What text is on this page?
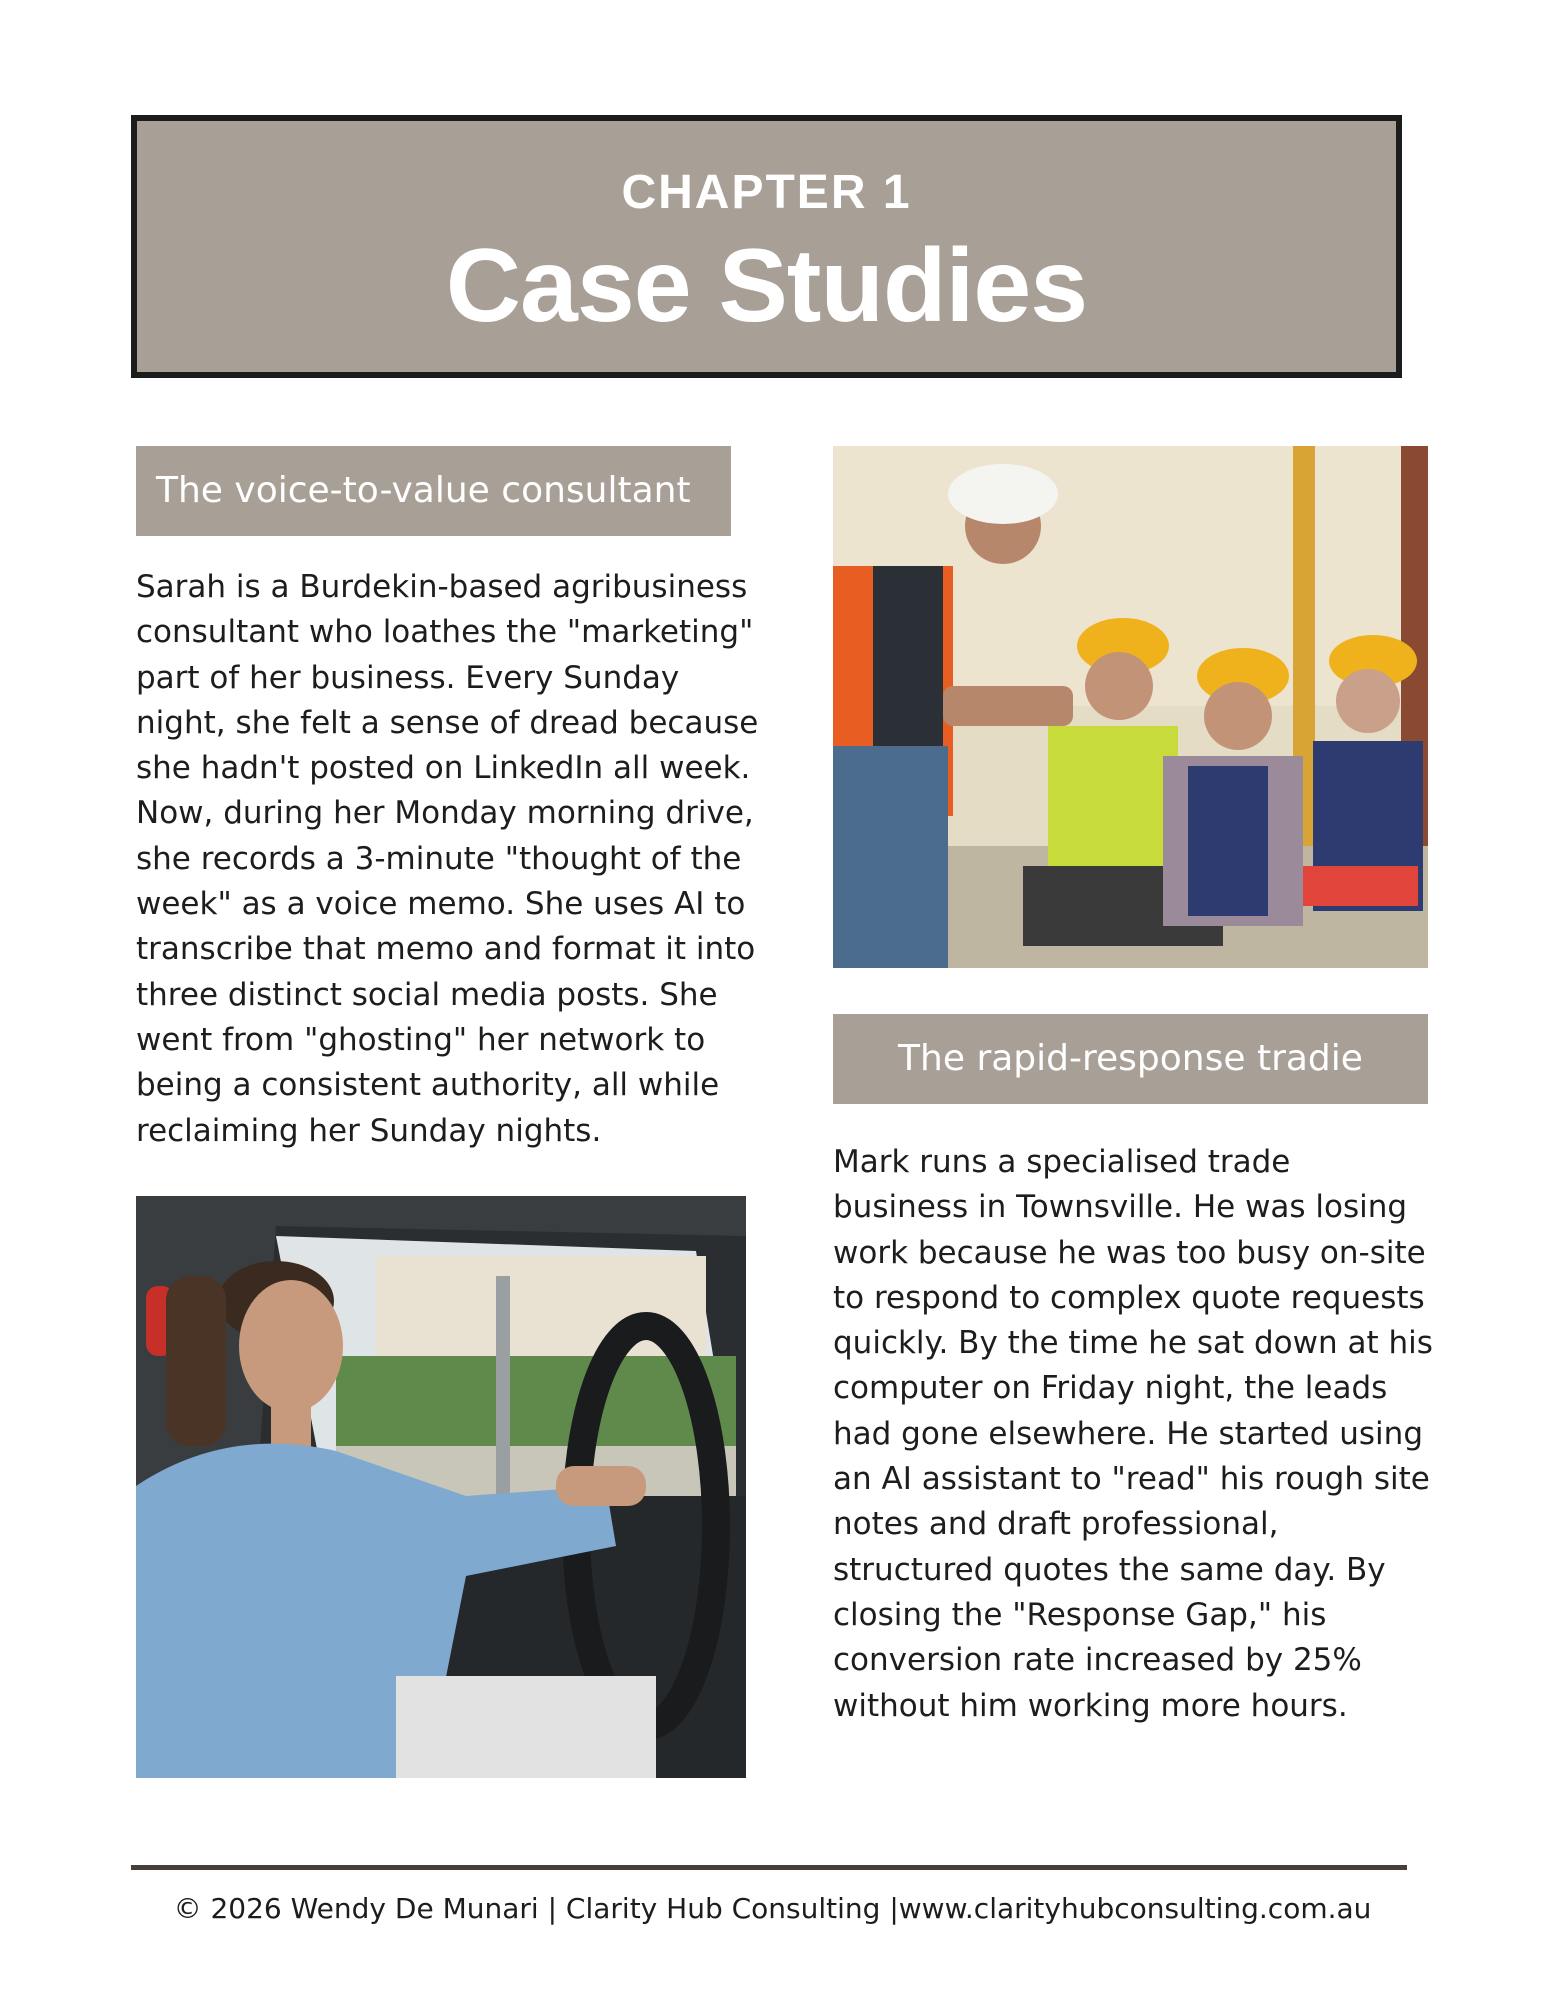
CHAPTER 1
Case Studies
The voice-to-value consultant

Sarah is a Burdekin-based agribusiness consultant who loathes the "marketing" part of her business. Every Sunday night, she felt a sense of dread because she hadn't posted on LinkedIn all week. Now, during her Monday morning drive, she records a 3-minute "thought of the week" as a voice memo. She uses AI to transcribe that memo and format it into three distinct social media posts. She went from "ghosting" her network to being a consistent authority, all while reclaiming her Sunday nights.

The rapid-response tradie

Mark runs a specialised trade business in Townsville. He was losing work because he was too busy on-site to respond to complex quote requests quickly. By the time he sat down at his computer on Friday night, the leads had gone elsewhere. He started using an AI assistant to "read" his rough site notes and draft professional, structured quotes the same day. By closing the "Response Gap," his conversion rate increased by 25% without him working more hours.

© 2026 Wendy De Munari | Clarity Hub Consulting |www.clarityhubconsulting.com.au
